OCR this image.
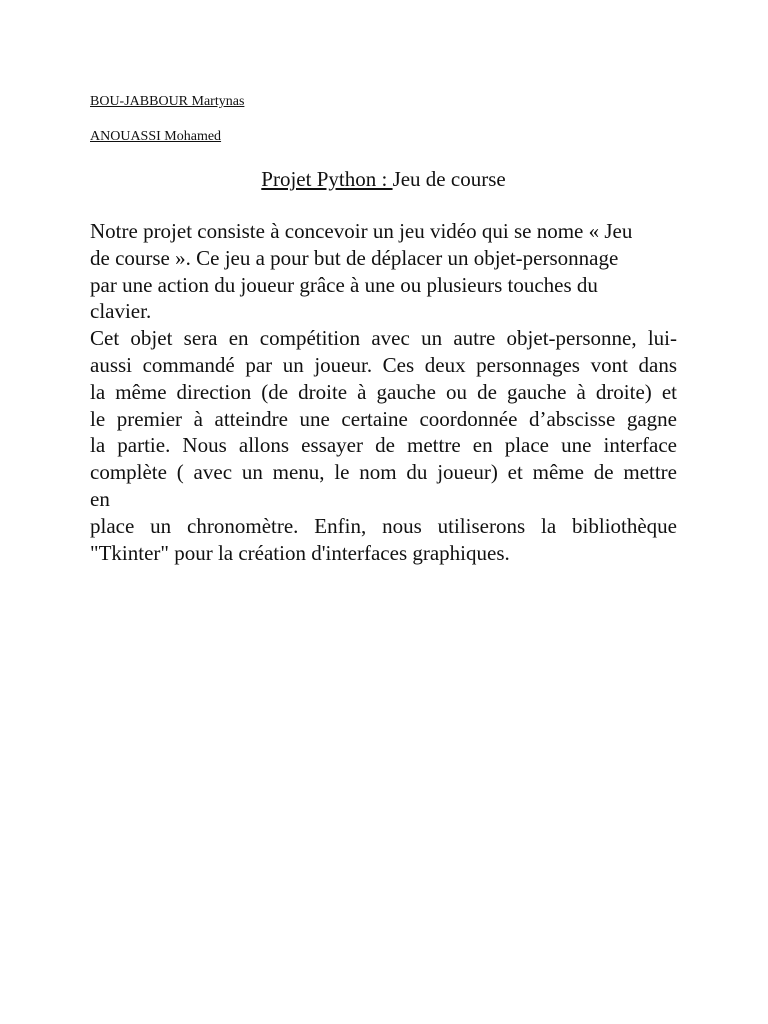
BOU-JABBOUR Martynas
ANOUASSI Mohamed
Projet Python : Jeu de course
Notre projet consiste à concevoir un jeu vidéo qui se nome « Jeu
de course ». Ce jeu a pour but de déplacer un objet-personnage
par une action du joueur grâce à une ou plusieurs touches du
clavier.
Cet objet sera en compétition avec un autre objet-personne, lui-
aussi commandé par un joueur. Ces deux personnages vont dans
la même direction (de droite à gauche ou de gauche à droite) et
le premier à atteindre une certaine coordonnée d’abscisse gagne
la partie. Nous allons essayer de mettre en place une interface
complète ( avec un menu, le nom du joueur) et même de mettre
en
place un chronomètre. Enfin, nous utiliserons la bibliothèque
"Tkinter" pour la création d'interfaces graphiques.
